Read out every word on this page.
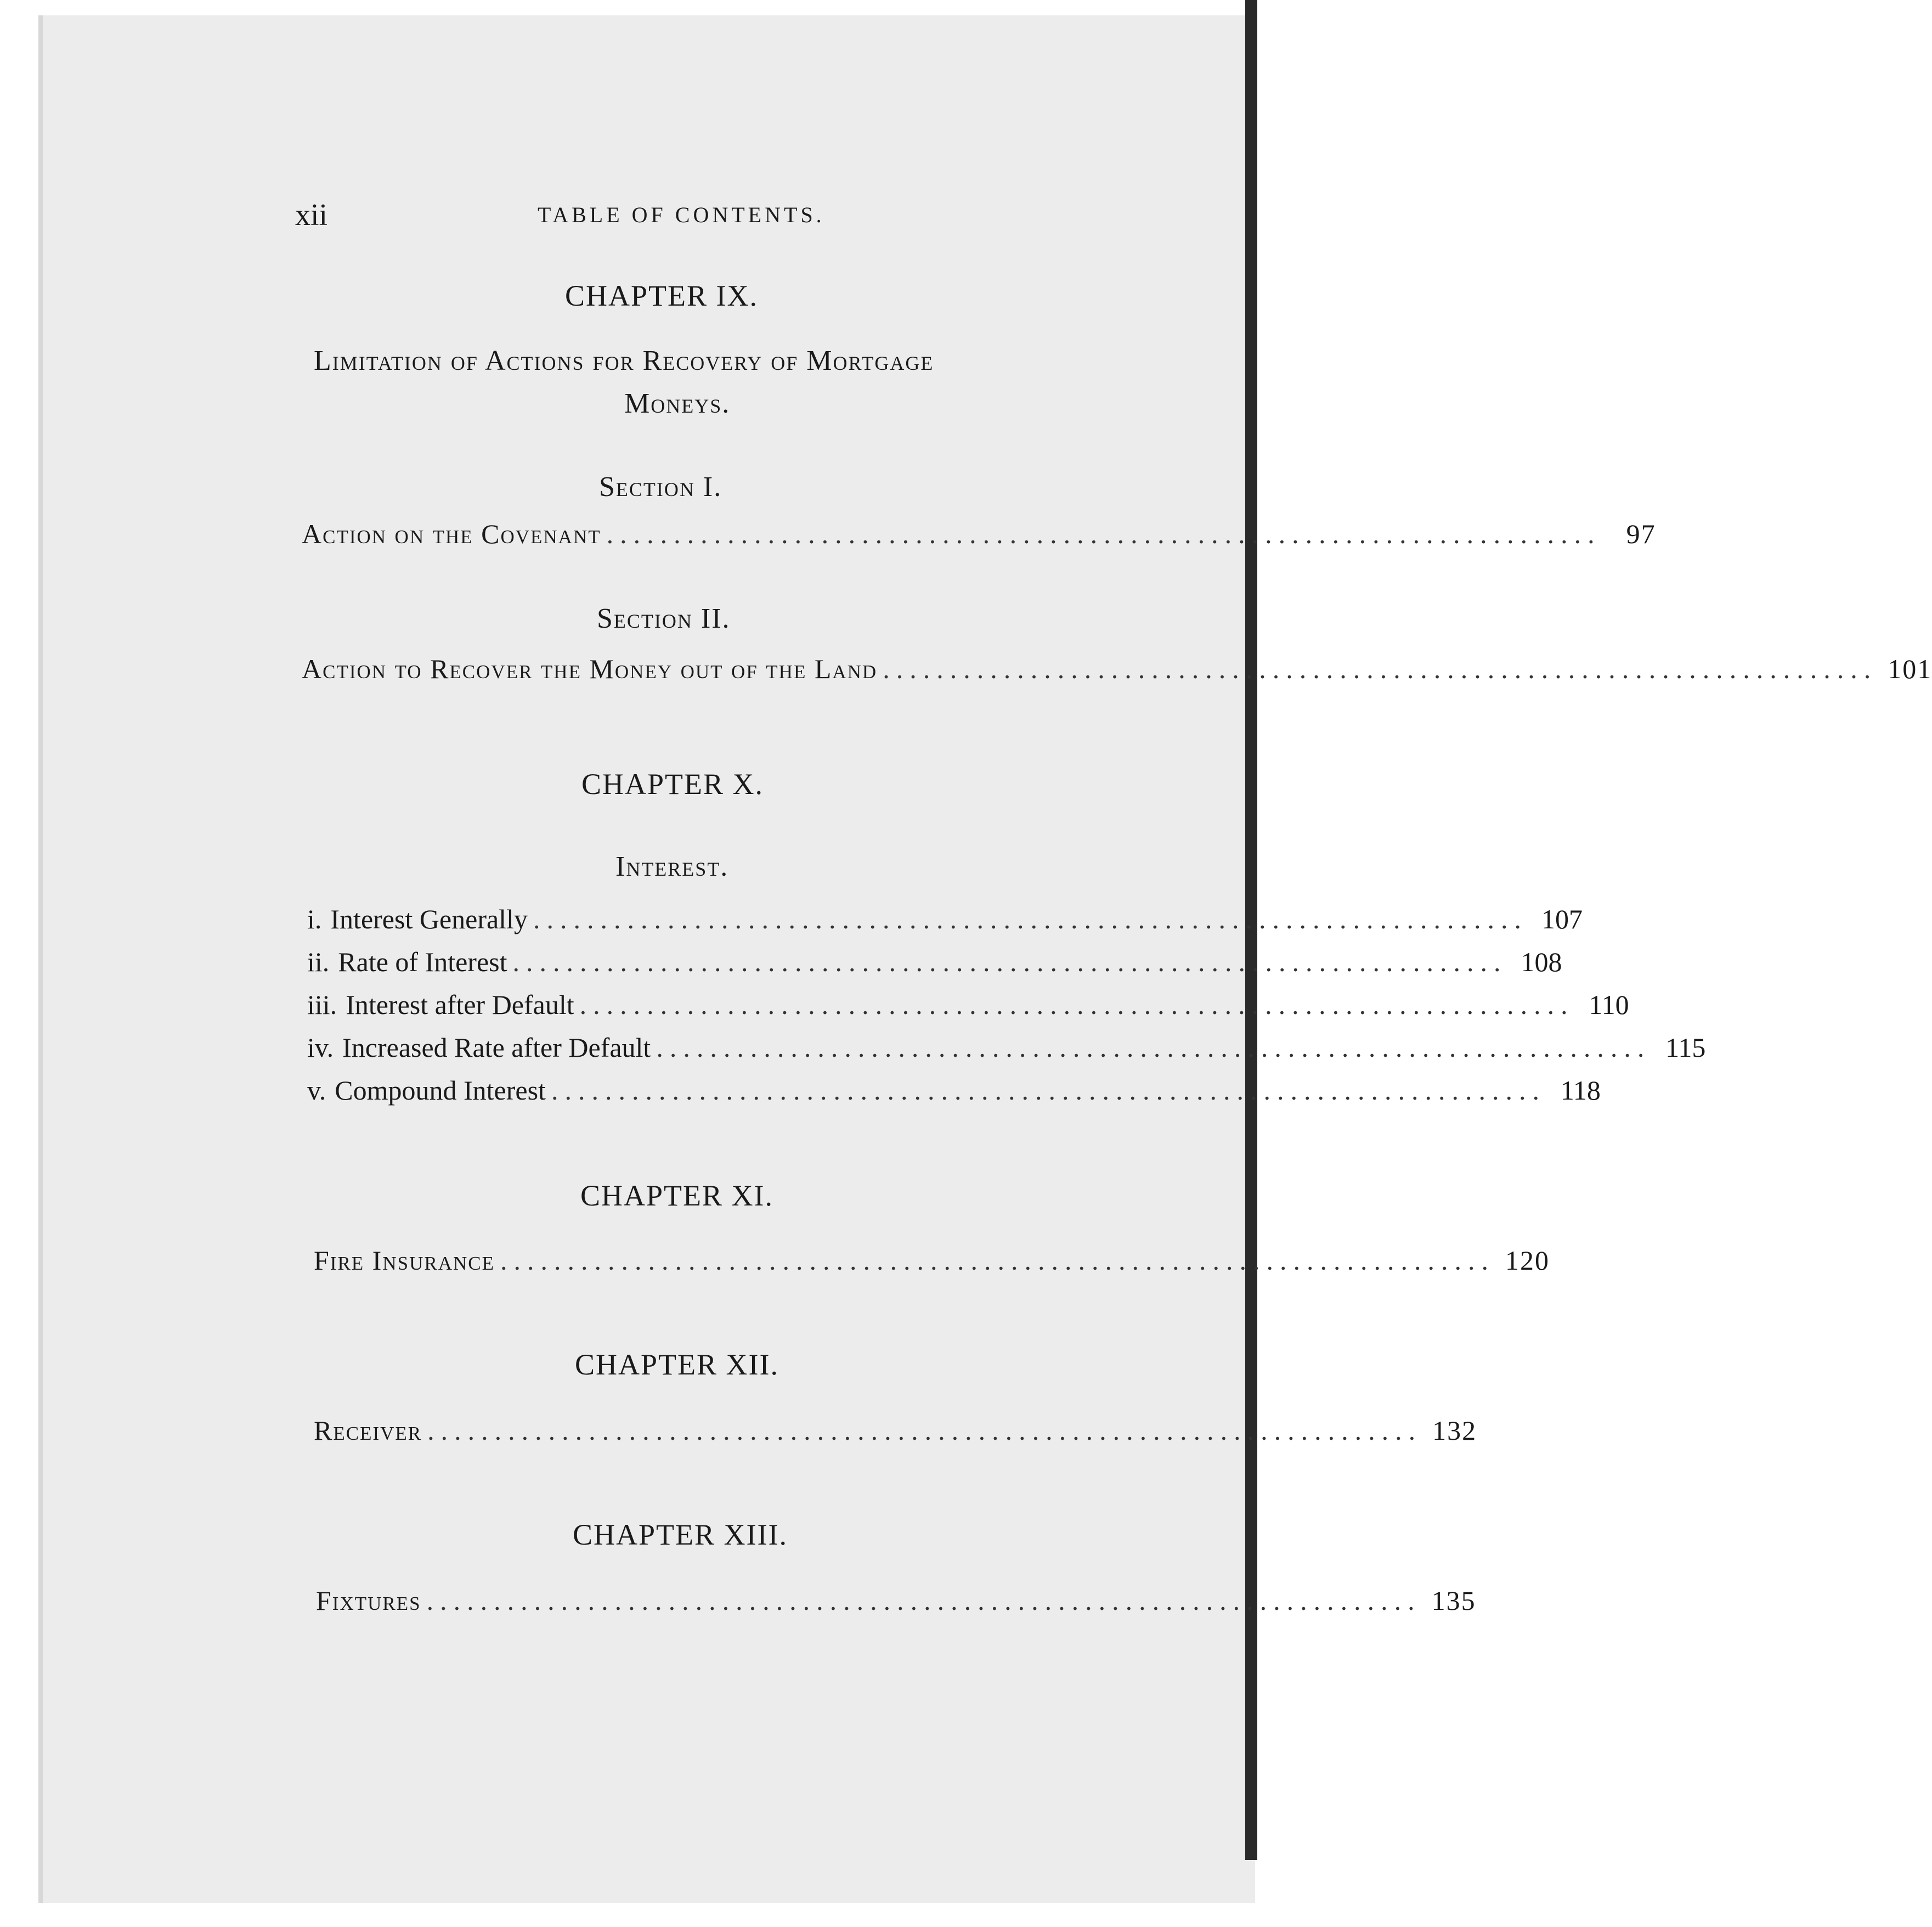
xii	TABLE OF CONTENTS.
CHAPTER IX.
Limitation of Actions for Recovery of Mortgage
Moneys.
Section I.
Action on the Covenant .......................................................................... 97
Section II.
Action to Recover the Money out of the Land .......................................................................... 101
CHAPTER X.
Interest.
i. Interest Generally .......................................................................... 107
ii. Rate of Interest .......................................................................... 108
iii. Interest after Default .......................................................................... 110
iv. Increased Rate after Default .......................................................................... 115
v. Compound Interest .......................................................................... 118
CHAPTER XI.
Fire Insurance .......................................................................... 120
CHAPTER XII.
Receiver .......................................................................... 132
CHAPTER XIII.
Fixtures .......................................................................... 135
